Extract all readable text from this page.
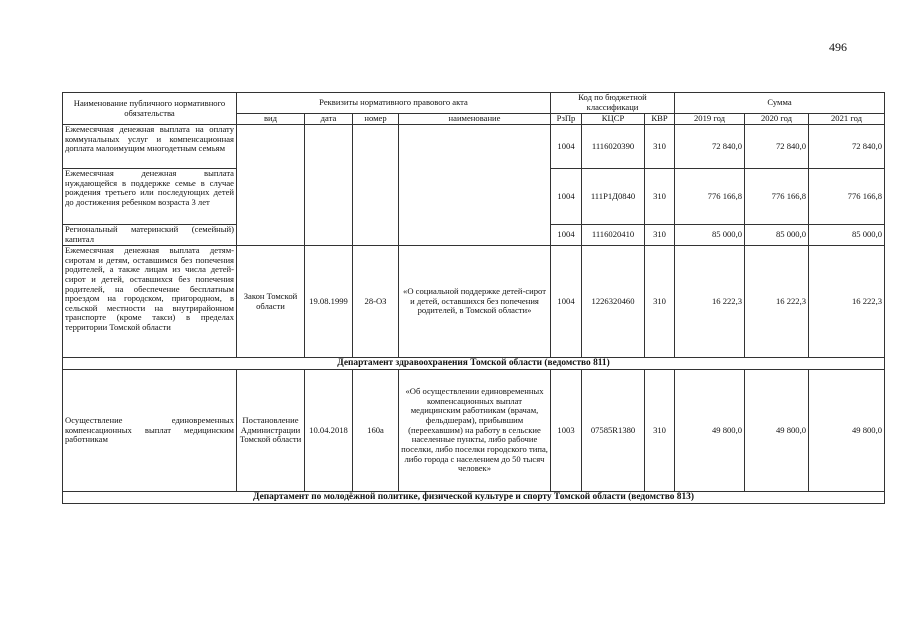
496
Наименование публичного нормативного обязательства	Реквизиты нормативного правового акта				Код по бюджетной классификаци			Сумма		
	вид	дата	номер	наименование	РзПр	КЦСР	КВР	2019 год	2020 год	2021 год
Ежемесячная денежная выплата на оплату коммунальных услуг и компенсационная доплата малоимущим многодетным семьям					1004	1116020390	310	72 840,0	72 840,0	72 840,0
Ежемесячная денежная выплата нуждающейся в поддержке семье в случае рождения третьего или последующих детей до достижения ребенком возраста 3 лет					1004	111Р1Д0840	310	776 166,8	776 166,8	776 166,8
Региональный материнский (семейный) капитал					1004	1116020410	310	85 000,0	85 000,0	85 000,0
Ежемесячная денежная выплата детям-сиротам и детям, оставшимся без попечения родителей, а также лицам из числа детей-сирот и детей, оставшихся без попечения родителей, на обеспечение бесплатным проездом на городском, пригородном, в сельской местности на внутрирайонном транспорте (кроме такси) в пределах территории Томской области	Закон Томской области	19.08.1999	28-ОЗ	«О социальной поддержке детей-сирот и детей, оставшихся без попечения родителей, в Томской области»	1004	1226320460	310	16 222,3	16 222,3	16 222,3
Департамент здравоохранения Томской области (ведомство 811)										
Осуществление единовременных компенсационных выплат медицинским работникам	Постановление Администрации Томской области	10.04.2018	160а	«Об осуществлении единовременных компенсационных выплат медицинским работникам (врачам, фельдшерам), прибывшим (переехавшим) на работу в сельские населенные пункты, либо рабочие поселки, либо поселки городского типа, либо города с населением до 50 тысяч человек»	1003	07585R1380	310	49 800,0	49 800,0	49 800,0
Департамент по молодёжной политике, физической культуре и спорту Томской области (ведомство 813)										
